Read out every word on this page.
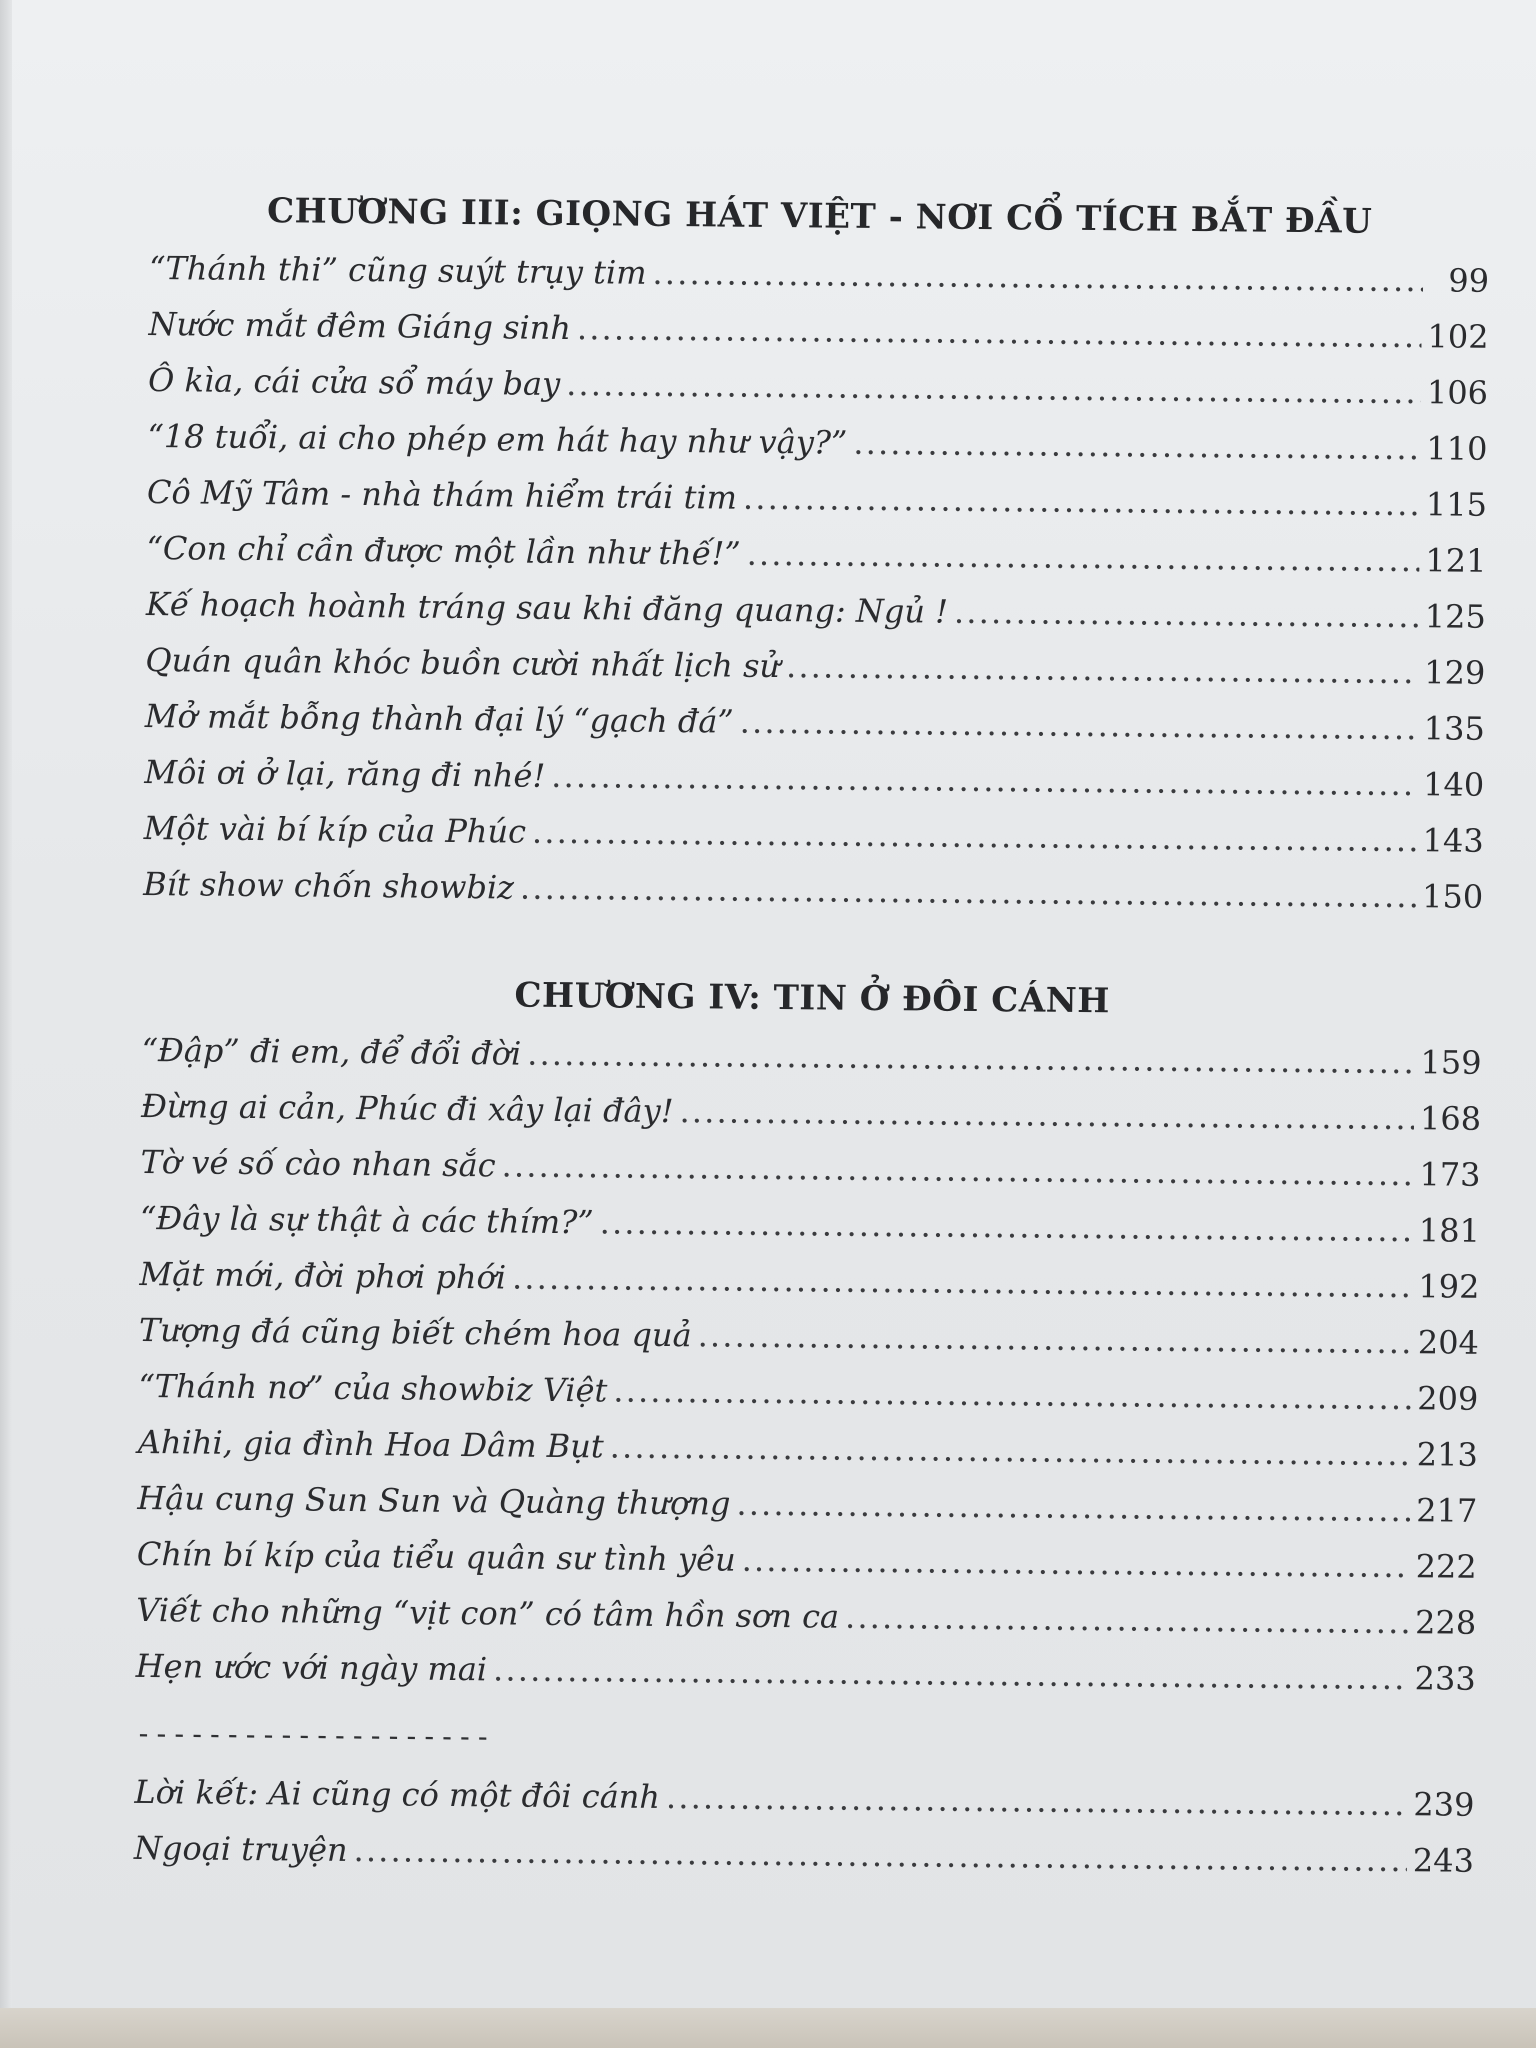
CHƯƠNG III: GIỌNG HÁT VIỆT - NƠI CỔ TÍCH BẮT ĐẦU
“Thánh thi” cũng suýt trụy tim . . .	99
Nước mắt đêm Giáng sinh . . .	102
Ô kìa, cái cửa sổ máy bay . . .	106
“18 tuổi, ai cho phép em hát hay như vậy?” . . .	110
Cô Mỹ Tâm - nhà thám hiểm trái tim . . .	115
“Con chỉ cần được một lần như thế!” . . .	121
Kế hoạch hoành tráng sau khi đăng quang: Ngủ ! . . .	125
Quán quân khóc buồn cười nhất lịch sử . . .	129
Mở mắt bỗng thành đại lý “gạch đá” . . .	135
Môi ơi ở lại, răng đi nhé! . . .	140
Một vài bí kíp của Phúc . . .	143
Bít show chốn showbiz . . .	150
CHƯƠNG IV: TIN Ở ĐÔI CÁNH
“Đập” đi em, để đổi đời . . .	159
Đừng ai cản, Phúc đi xây lại đây! . . .	168
Tờ vé số cào nhan sắc . . .	173
“Đây là sự thật à các thím?” . . .	181
Mặt mới, đời phơi phới . . .	192
Tượng đá cũng biết chém hoa quả . . .	204
“Thánh nơ” của showbiz Việt . . .	209
Ahihi, gia đình Hoa Dâm Bụt . . .	213
Hậu cung Sun Sun và Quàng thượng . . .	217
Chín bí kíp của tiểu quân sư tình yêu . . .	222
Viết cho những “vịt con” có tâm hồn sơn ca . . .	228
Hẹn ước với ngày mai . . .	233
--------------------
Lời kết: Ai cũng có một đôi cánh . . .	239
Ngoại truyện . . .	243
